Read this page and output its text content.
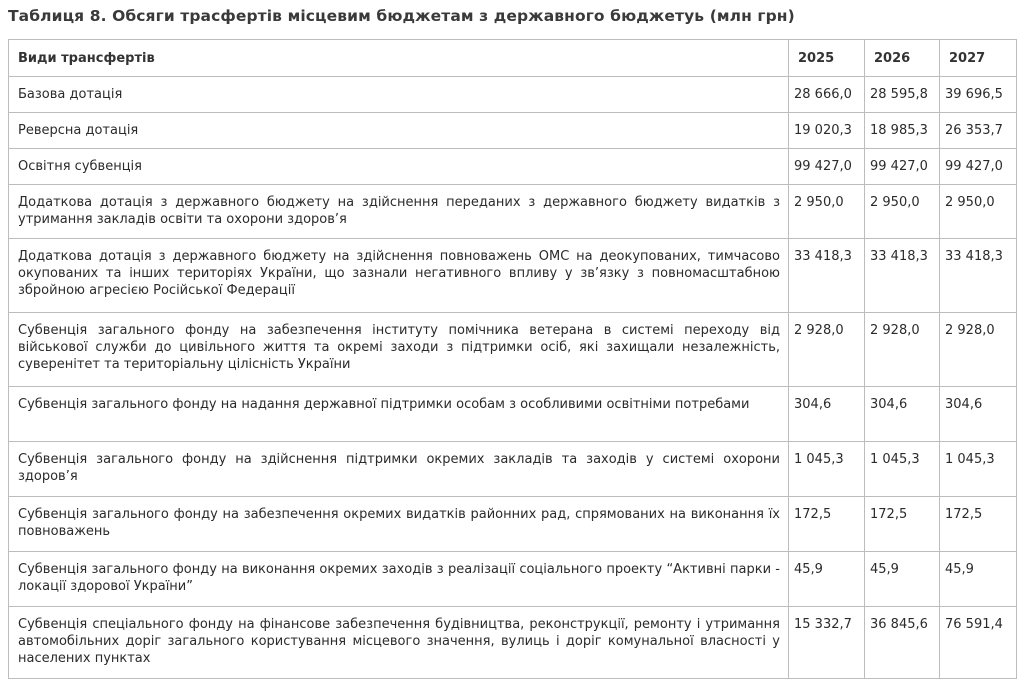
Таблиця 8. Обсяги трасфертів місцевим бюджетам з державного бюджетуь (млн грн)
Види трансфертів	2025	2026	2027
Базова дотація	28 666,0	28 595,8	39 696,5
Реверсна дотація	19 020,3	18 985,3	26 353,7
Освітня субвенція	99 427,0	99 427,0	99 427,0
Додаткова дотація з державного бюджету на здійснення переданих з державного бюджету видатків з утримання закладів освіти та охорони здоров’я	2 950,0	2 950,0	2 950,0
Додаткова дотація з державного бюджету на здійснення повноважень ОМС на деокупованих, тимчасово окупованих та інших територіях України, що зазнали негативного впливу у зв’язку з повномасштабною збройною агресією Російської Федерації	33 418,3	33 418,3	33 418,3
Субвенція загального фонду на забезпечення інституту помічника ветерана в системі переходу від військової служби до цивільного життя та окремі заходи з підтримки осіб, які захищали незалежність, суверенітет та територіальну цілісність України	2 928,0	2 928,0	2 928,0
Субвенція загального фонду на надання державної підтримки особам з особливими освітніми потребами	304,6	304,6	304,6
Субвенція загального фонду на здійснення підтримки окремих закладів та заходів у системі охорони здоров’я	1 045,3	1 045,3	1 045,3
Субвенція загального фонду на забезпечення окремих видатків районних рад, спрямованих на виконання їх повноважень	172,5	172,5	172,5
Субвенція загального фонду на виконання окремих заходів з реалізації соціального проекту “Активні парки - локації здорової України”	45,9	45,9	45,9
Субвенція спеціального фонду на фінансове забезпечення будівництва, реконструкції, ремонту і утримання автомобільних доріг загального користування місцевого значення, вулиць і доріг комунальної власності у населених пунктах	15 332,7	36 845,6	76 591,4
